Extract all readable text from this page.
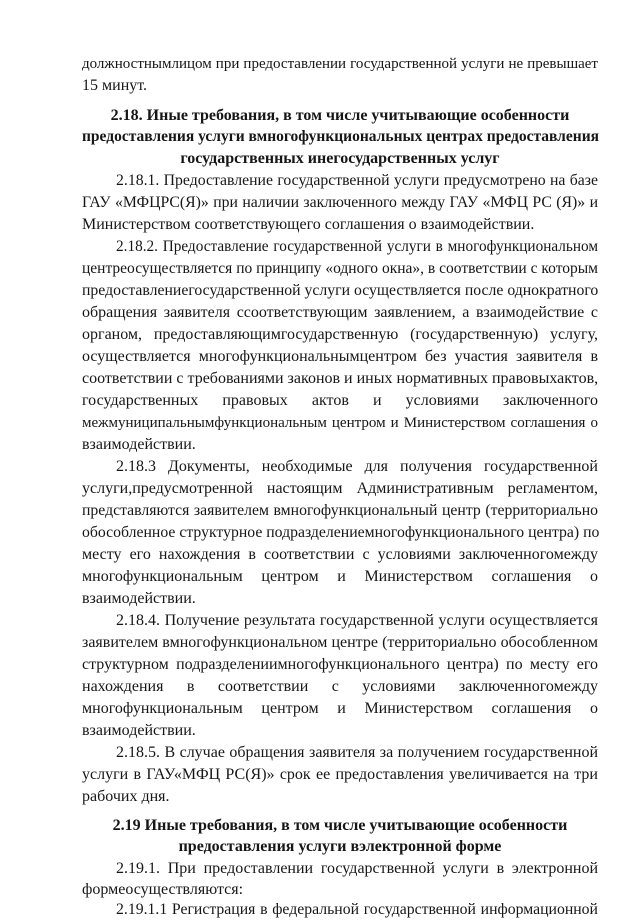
должностнымлицом при предоставлении государственной услуги не превышает
15 минут.
2.18. Иные требования, в том числе учитывающие особенности
предоставления услуги вмногофункциональных центрах предоставления
государственных инегосударственных услуг
2.18.1. Предоставление государственной услуги предусмотрено на базе
ГАУ «МФЦРС(Я)» при наличии заключенного между ГАУ «МФЦ РС (Я)» и
Министерством соответствующего соглашения о взаимодействии.
2.18.2. Предоставление государственной услуги в многофункциональном
центреосуществляется по принципу «одного окна», в соответствии с которым
предоставлениегосударственной услуги осуществляется после однократного
обращения заявителя ссоответствующим заявлением, а взаимодействие с
органом, предоставляющимгосударственную (государственную) услугу,
осуществляется многофункциональнымцентром без участия заявителя в
соответствии с требованиями законов и иных нормативных правовыхактов,
государственных правовых актов и условиями заключенного
межмуниципальнымфункциональным центром и Министерством соглашения о
взаимодействии.
2.18.3 Документы, необходимые для получения государственной
услуги,предусмотренной настоящим Административным регламентом,
представляются заявителем вмногофункциональный центр (территориально
обособленное структурное подразделениемногофункционального центра) по
месту его нахождения в соответствии с условиями заключенногомежду
многофункциональным центром и Министерством соглашения о
взаимодействии.
2.18.4. Получение результата государственной услуги осуществляется
заявителем вмногофункциональном центре (территориально обособленном
структурном подразделениимногофункционального центра) по месту его
нахождения в соответствии с условиями заключенногомежду
многофункциональным центром и Министерством соглашения о
взаимодействии.
2.18.5. В случае обращения заявителя за получением государственной
услуги в ГАУ«МФЦ РС(Я)» срок ее предоставления увеличивается на три
рабочих дня.
2.19 Иные требования, в том числе учитывающие особенности
предоставления услуги вэлектронной форме
2.19.1. При предоставлении государственной услуги в электронной
формеосуществляются:
2.19.1.1 Регистрация в федеральной государственной информационной
